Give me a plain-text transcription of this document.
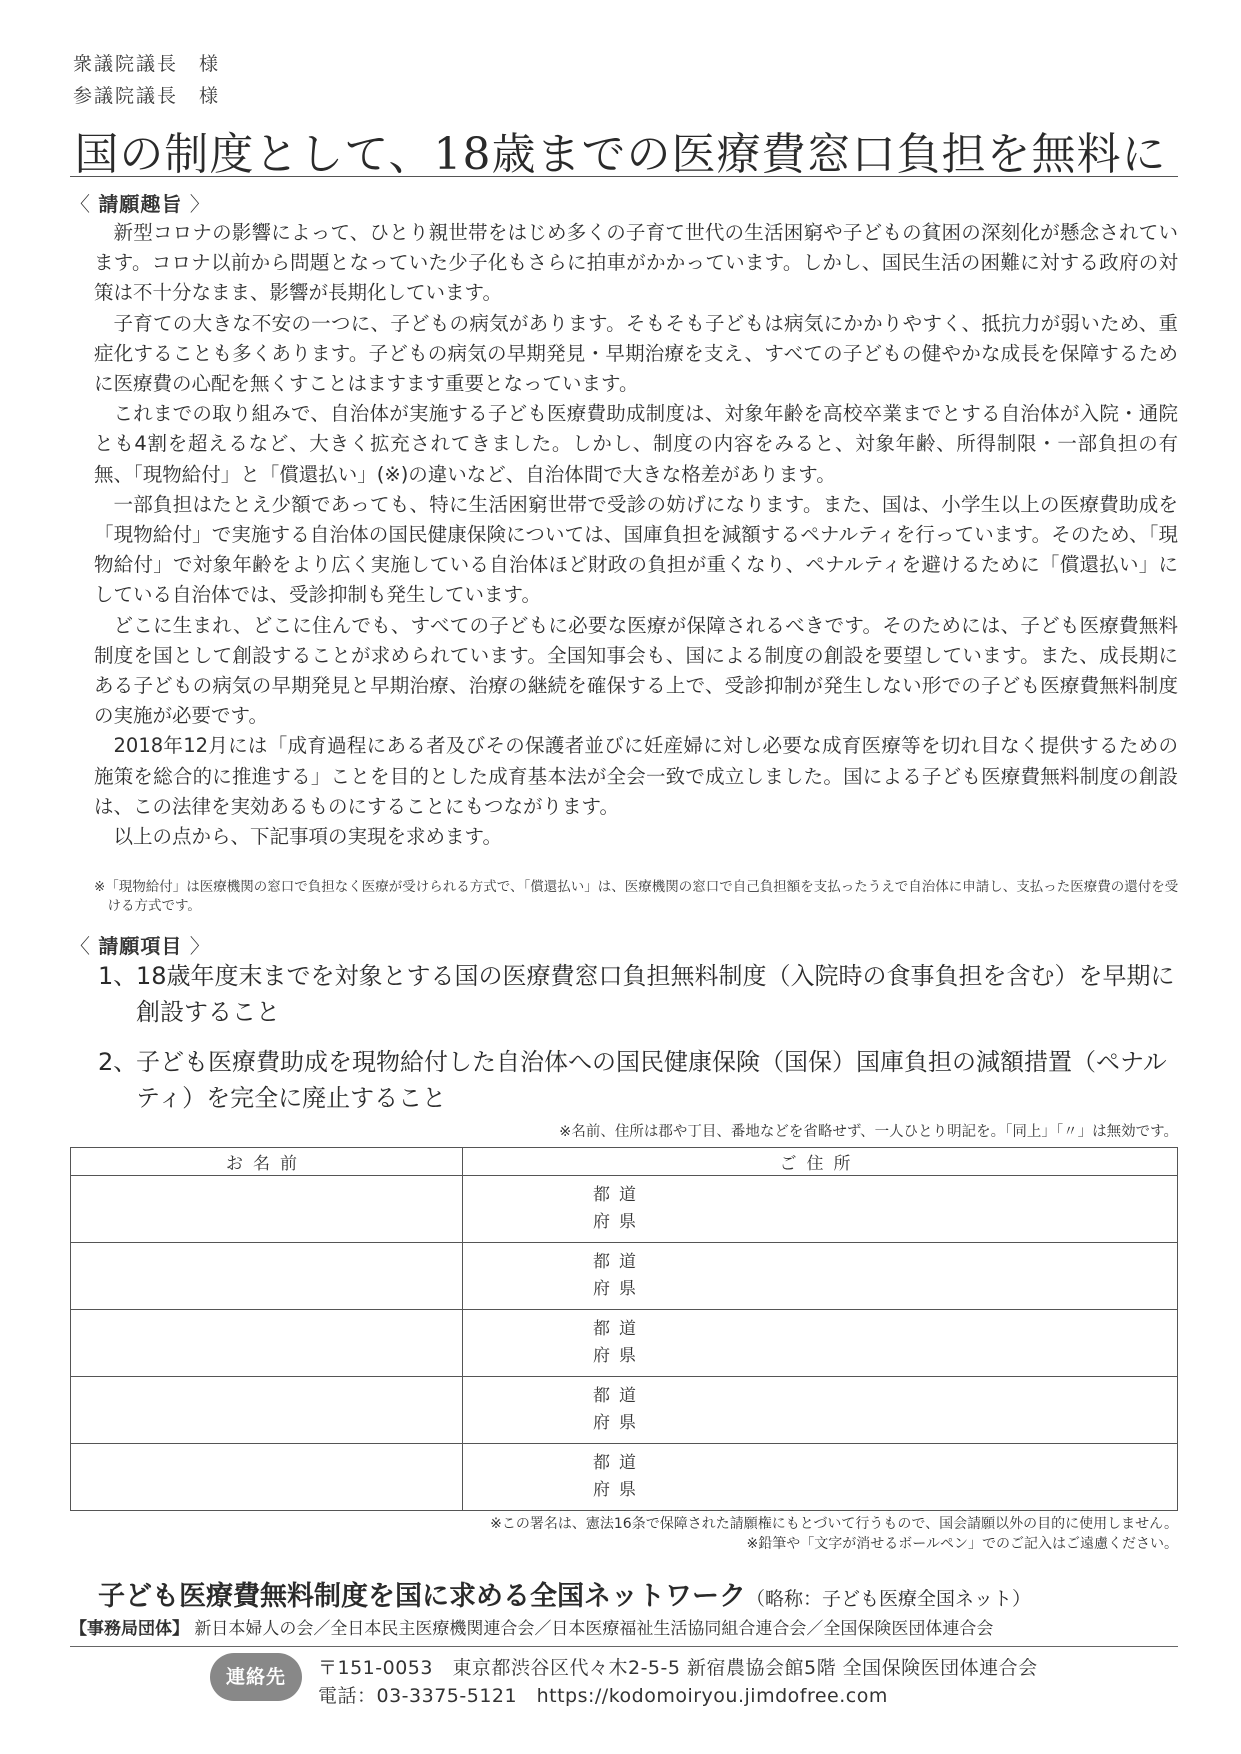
衆議院議長　様
参議院議長　様
国の制度として、18歳までの医療費窓口負担を無料に
〈 請願趣旨 〉

新型コロナの影響によって、ひとり親世帯をはじめ多くの子育て世代の生活困窮や子どもの貧困の深刻化が懸念されています。コロナ以前から問題となっていた少子化もさらに拍車がかかっています。しかし、国民生活の困難に対する政府の対策は不十分なまま、影響が長期化しています。

子育ての大きな不安の一つに、子どもの病気があります。そもそも子どもは病気にかかりやすく、抵抗力が弱いため、重症化することも多くあります。子どもの病気の早期発見・早期治療を支え、すべての子どもの健やかな成長を保障するために医療費の心配を無くすことはますます重要となっています。

これまでの取り組みで、自治体が実施する子ども医療費助成制度は、対象年齢を高校卒業までとする自治体が入院・通院とも4割を超えるなど、大きく拡充されてきました。しかし、制度の内容をみると、対象年齢、所得制限・一部負担の有無、「現物給付」と「償還払い」(※)の違いなど、自治体間で大きな格差があります。

一部負担はたとえ少額であっても、特に生活困窮世帯で受診の妨げになります。また、国は、小学生以上の医療費助成を「現物給付」で実施する自治体の国民健康保険については、国庫負担を減額するペナルティを行っています。そのため、「現物給付」で対象年齢をより広く実施している自治体ほど財政の負担が重くなり、ペナルティを避けるために「償還払い」にしている自治体では、受診抑制も発生しています。

どこに生まれ、どこに住んでも、すべての子どもに必要な医療が保障されるべきです。そのためには、子ども医療費無料制度を国として創設することが求められています。全国知事会も、国による制度の創設を要望しています。また、成長期にある子どもの病気の早期発見と早期治療、治療の継続を確保する上で、受診抑制が発生しない形での子ども医療費無料制度の実施が必要です。

2018年12月には「成育過程にある者及びその保護者並びに妊産婦に対し必要な成育医療等を切れ目なく提供するための施策を総合的に推進する」ことを目的とした成育基本法が全会一致で成立しました。国による子ども医療費無料制度の創設は、この法律を実効あるものにすることにもつながります。

以上の点から、下記事項の実現を求めます。

※「現物給付」は医療機関の窓口で負担なく医療が受けられる方式で、「償還払い」は、医療機関の窓口で自己負担額を支払ったうえで自治体に申請し、支払った医療費の還付を受ける方式です。
〈 請願項目 〉
1、
18歳年度末までを対象とする国の医療費窓口負担無料制度（入院時の食事負担を含む）を早期に創設すること
2、
子ども医療費助成を現物給付した自治体への国民健康保険（国保）国庫負担の減額措置（ペナルティ）を完全に廃止すること
※名前、住所は郡や丁目、番地などを省略せず、一人ひとり明記を。「同上」「〃」は無効です。
お名前	ご住所

	都道
府県

	都道
府県

	都道
府県

	都道
府県

	都道
府県
※この署名は、憲法16条で保障された請願権にもとづいて行うもので、国会請願以外の目的に使用しません。
※鉛筆や「文字が消せるボールペン」でのご記入はご遠慮ください。
子ども医療費無料制度を国に求める全国ネットワーク（略称：子ども医療全国ネット）
【事務局団体】 新日本婦人の会／全日本民主医療機関連合会／日本医療福祉生活協同組合連合会／全国保険医団体連合会
連絡先	〒151-0053　東京都渋谷区代々木2-5-5 新宿農協会館5階 全国保険医団体連合会
電話：03-3375-5121　https://kodomoiryou.jimdofree.com
